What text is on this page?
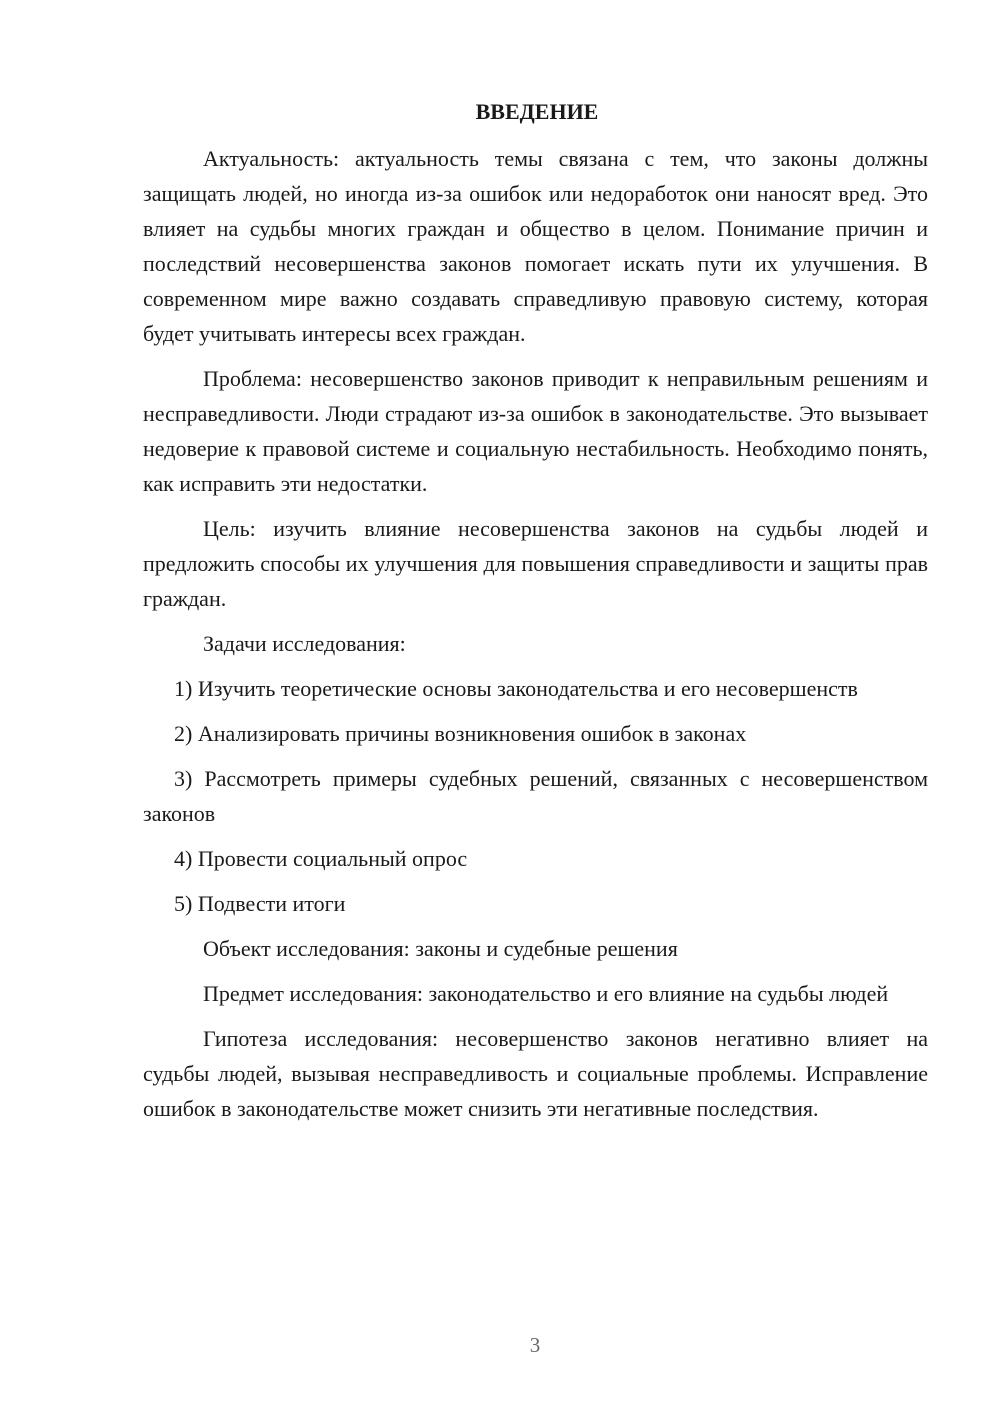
ВВЕДЕНИЕ

Актуальность: актуальность темы связана с тем, что законы должны защищать людей, но иногда из-за ошибок или недоработок они наносят вред. Это влияет на судьбы многих граждан и общество в целом. Понимание причин и последствий несовершенства законов помогает искать пути их улучшения. В современном мире важно создавать справедливую правовую систему, которая будет учитывать интересы всех граждан.

Проблема: несовершенство законов приводит к неправильным решениям и несправедливости. Люди страдают из-за ошибок в законодательстве. Это вызывает недоверие к правовой системе и социальную нестабильность. Необходимо понять, как исправить эти недостатки.

Цель: изучить влияние несовершенства законов на судьбы людей и предложить способы их улучшения для повышения справедливости и защиты прав граждан.

Задачи исследования:

1) Изучить теоретические основы законодательства и его несовершенств

2) Анализировать причины возникновения ошибок в законах

3) Рассмотреть примеры судебных решений, связанных с несовершенством законов

4) Провести социальный опрос

5) Подвести итоги

Объект исследования: законы и судебные решения

Предмет исследования: законодательство и его влияние на судьбы людей

Гипотеза исследования: несовершенство законов негативно влияет на судьбы людей, вызывая несправедливость и социальные проблемы. Исправление ошибок в законодательстве может снизить эти негативные последствия.

3
